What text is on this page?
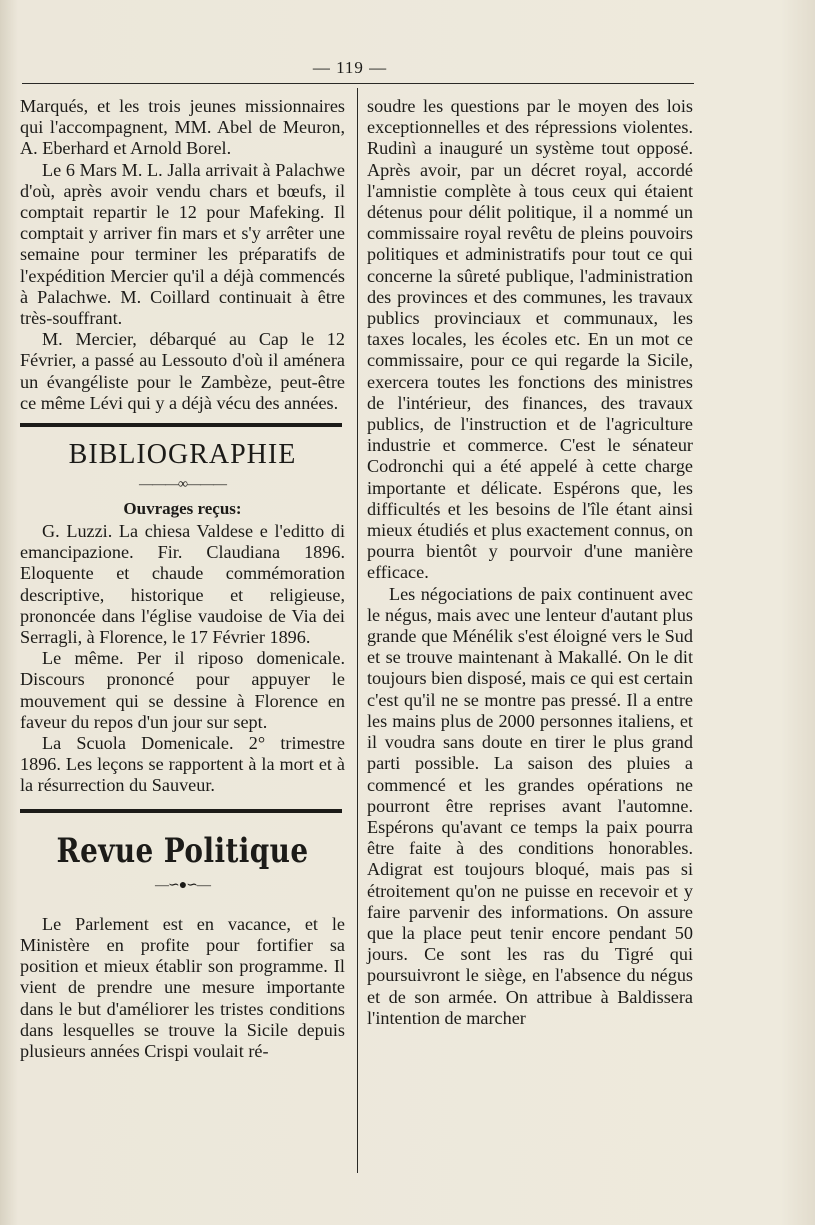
— 119 —

Marqués, et les trois jeunes missionnaires qui l'accompagnent, MM. Abel de Meuron, A. Eberhard et Arnold Borel.

Le 6 Mars M. L. Jalla arrivait à Palachwe d'où, après avoir vendu chars et bœufs, il comptait repartir le 12 pour Mafeking. Il comptait y arriver fin mars et s'y arrêter une semaine pour terminer les préparatifs de l'expédition Mercier qu'il a déjà commencés à Palachwe. M. Coillard continuait à être très-souffrant.

M. Mercier, débarqué au Cap le 12 Février, a passé au Lessouto d'où il aménera un évangéliste pour le Zambèze, peut-être ce même Lévi qui y a déjà vécu des années.

BIBLIOGRAPHIE
———∞———
Ouvrages reçus:

G. Luzzi. La chiesa Valdese e l'editto di emancipazione. Fir. Claudiana 1896. Eloquente et chaude commémoration descriptive, historique et religieuse, prononcée dans l'église vaudoise de Via dei Serragli, à Florence, le 17 Février 1896.

Le même. Per il riposo domenicale. Discours prononcé pour appuyer le mouvement qui se dessine à Florence en faveur du repos d'un jour sur sept.

La Scuola Domenicale. 2° trimestre 1896. Les leçons se rapportent à la mort et à la résurrection du Sauveur.

Revue Politique
—∽●∽—

Le Parlement est en vacance, et le Ministère en profite pour fortifier sa position et mieux établir son programme. Il vient de prendre une mesure importante dans le but d'améliorer les tristes conditions dans lesquelles se trouve la Sicile depuis plusieurs années Crispi voulait ré-

soudre les questions par le moyen des lois exceptionnelles et des répressions violentes. Rudinì a inauguré un système tout opposé. Après avoir, par un décret royal, accordé l'amnistie complète à tous ceux qui étaient détenus pour délit politique, il a nommé un commissaire royal revêtu de pleins pouvoirs politiques et administratifs pour tout ce qui concerne la sûreté publique, l'administration des provinces et des communes, les travaux publics provinciaux et communaux, les taxes locales, les écoles etc. En un mot ce commissaire, pour ce qui regarde la Sicile, exercera toutes les fonctions des ministres de l'intérieur, des finances, des travaux publics, de l'instruction et de l'agriculture industrie et commerce. C'est le sénateur Codronchi qui a été appelé à cette charge importante et délicate. Espérons que, les difficultés et les besoins de l'île étant ainsi mieux étudiés et plus exactement connus, on pourra bientôt y pourvoir d'une manière efficace.

Les négociations de paix continuent avec le négus, mais avec une lenteur d'autant plus grande que Ménélik s'est éloigné vers le Sud et se trouve maintenant à Makallé. On le dit toujours bien disposé, mais ce qui est certain c'est qu'il ne se montre pas pressé. Il a entre les mains plus de 2000 personnes italiens, et il voudra sans doute en tirer le plus grand parti possible. La saison des pluies a commencé et les grandes opérations ne pourront être reprises avant l'automne. Espérons qu'avant ce temps la paix pourra être faite à des conditions honorables. Adigrat est toujours bloqué, mais pas si étroitement qu'on ne puisse en recevoir et y faire parvenir des informations. On assure que la place peut tenir encore pendant 50 jours. Ce sont les ras du Tigré qui poursuivront le siège, en l'absence du négus et de son armée. On attribue à Baldissera l'intention de marcher
